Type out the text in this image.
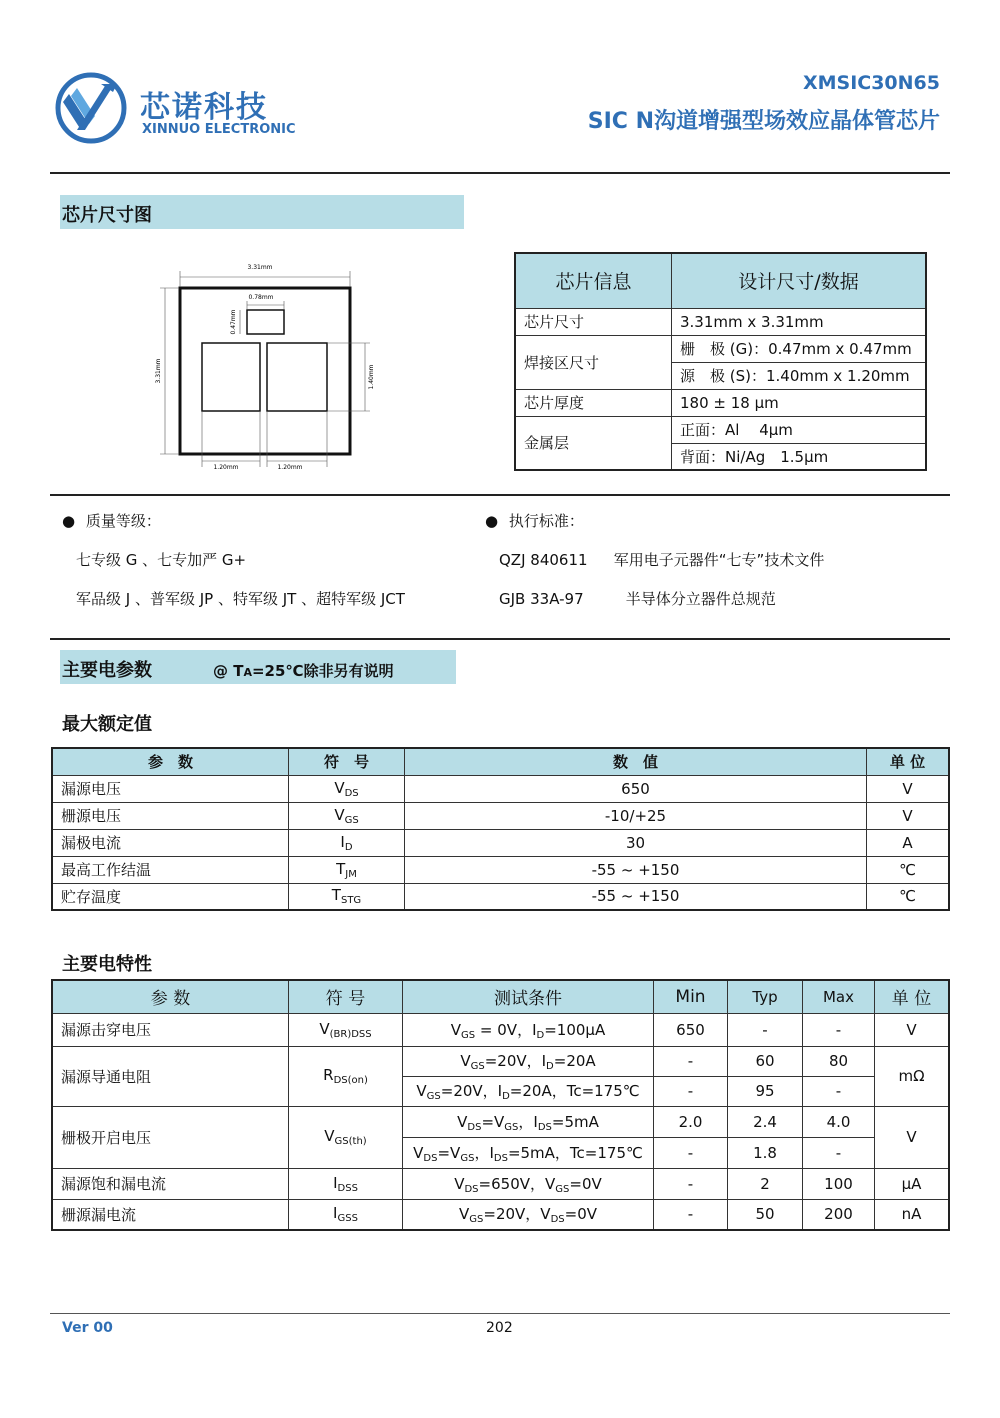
芯诺科技
XINNUO ELECTRONIC
XMSIC30N65
SIC N沟道增强型场效应晶体管芯片
芯片尺寸图
3.31mm
0.78mm
0.47mm
3.31mm	1.40mm
1.20mm	1.20mm
芯片信息	设计尺寸/数据
芯片尺寸	3.31mm x 3.31mm
焊接区尺寸	栅　极 (G)：0.47mm x 0.47mm
	源　极 (S)：1.40mm x 1.20mm
芯片厚度	180 ± 18 µm
金属层	正面：Al　 4µm
	背面：Ni/Ag　1.5µm
● 质量等级：
七专级 G 、七专加严 G+
军品级 J 、普军级 JP 、特军级 JT 、超特军级 JCT
● 执行标准：
QZJ 840611 军用电子元器件“七专”技术文件
GJB 33A-97	半导体分立器件总规范
主要电参数	@ TA=25℃除非另有说明
最大额定值
参　数	符　号	数　值	单 位
漏源电压	$V_{DS}$	650	V
栅源电压	$V_{GS}$	-10/+25	V
漏极电流	$I_D$	30	A
最高工作结温	$T_{JM}$	-55 ~ +150	℃
贮存温度	$T_{STG}$	-55 ~ +150	℃
主要电特性
参 数	符 号	测试条件	Min	Typ	Max	单 位
漏源击穿电压	$V_{(BR)DSS}$	$V_{GS} = 0V$，$I_D=100\mu A$	650	-	-	V
漏源导通电阻	$R_{DS(on)}$	$V_{GS}=20V$，$I_D=20A$	-	60	80	mΩ
		$V_{GS}=20V$，$I_D=20A$，Tc=175℃	-	95	-	
栅极开启电压	$V_{GS(th)}$	$V_{DS}=V_{GS}$，$I_{DS}=5mA$	2.0	2.4	4.0	V
		$V_{DS}=V_{GS}$，$I_{DS}=5mA$，Tc=175℃	-	1.8	-	
漏源饱和漏电流	$I_{DSS}$	$V_{DS}=650V$，$V_{GS}=0V$	-	2	100	µA
栅源漏电流	$I_{GSS}$	$V_{GS}=20V$，$V_{DS}=0V$	-	50	200	nA
Ver 00	202
